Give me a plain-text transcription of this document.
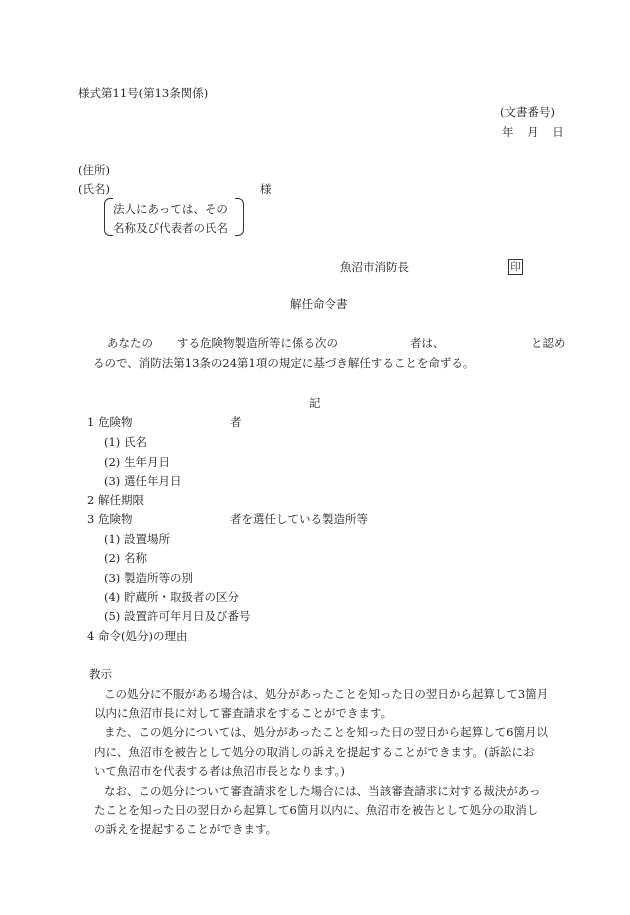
様式第11号(第13条関係)
(文書番号)
年 月 日
(住所)
(氏名)	様
法人にあっては、その
名称及び代表者の氏名
魚沼市消防長	印
解任命令書
あなたの する危険物製造所等に係る次の	者は、	と認め
るので、消防法第13条の24第1項の規定に基づき解任することを命ずる。
記
1 危険物	者
(1) 氏名
(2) 生年月日
(3) 選任年月日
2 解任期限
3 危険物	者を選任している製造所等
(1) 設置場所
(2) 名称
(3) 製造所等の別
(4) 貯蔵所・取扱者の区分
(5) 設置許可年月日及び番号
4 命令(処分)の理由
教示
この処分に不服がある場合は、処分があったことを知った日の翌日から起算して3箇月
以内に魚沼市長に対して審査請求をすることができます。
また、この処分については、処分があったことを知った日の翌日から起算して6箇月以
内に、魚沼市を被告として処分の取消しの訴えを提起することができます。(訴訟にお
いて魚沼市を代表する者は魚沼市長となります。)
なお、この処分について審査請求をした場合には、当該審査請求に対する裁決があっ
たことを知った日の翌日から起算して6箇月以内に、魚沼市を被告として処分の取消し
の訴えを提起することができます。
